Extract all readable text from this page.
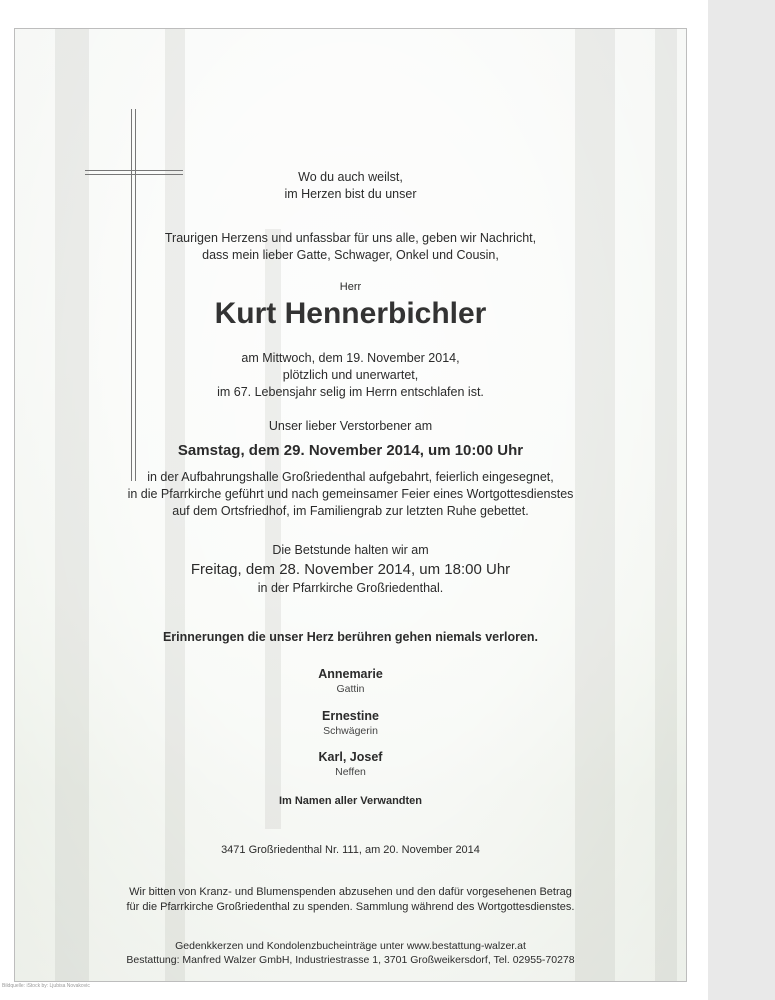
Wo du auch weilst,
im Herzen bist du unser
Traurigen Herzens und unfassbar für uns alle, geben wir Nachricht,
dass mein lieber Gatte, Schwager, Onkel und Cousin,
Herr
Kurt Hennerbichler
am Mittwoch, dem 19. November 2014,
plötzlich und unerwartet,
im 67. Lebensjahr selig im Herrn entschlafen ist.
Unser lieber Verstorbener am
Samstag, dem 29. November 2014, um 10:00 Uhr
in der Aufbahrungshalle Großriedenthal aufgebahrt, feierlich eingesegnet,
in die Pfarrkirche geführt und nach gemeinsamer Feier eines Wortgottesdienstes
auf dem Ortsfriedhof, im Familiengrab zur letzten Ruhe gebettet.
Die Betstunde halten wir am
Freitag, dem 28. November 2014, um 18:00 Uhr
in der Pfarrkirche Großriedenthal.
Erinnerungen die unser Herz berühren gehen niemals verloren.
Annemarie
Gattin
Ernestine
Schwägerin
Karl, Josef
Neffen
Im Namen aller Verwandten
3471 Großriedenthal Nr. 111, am 20. November 2014
Wir bitten von Kranz- und Blumenspenden abzusehen und den dafür vorgesehenen Betrag
für die Pfarrkirche Großriedenthal zu spenden. Sammlung während des Wortgottesdienstes.
Gedenkkerzen und Kondolenzbucheinträge unter www.bestattung-walzer.at
Bestattung: Manfred Walzer GmbH, Industriestrasse 1, 3701 Großweikersdorf, Tel. 02955-70278
Bildquelle: iStock by: Ljubisa Novakovic
